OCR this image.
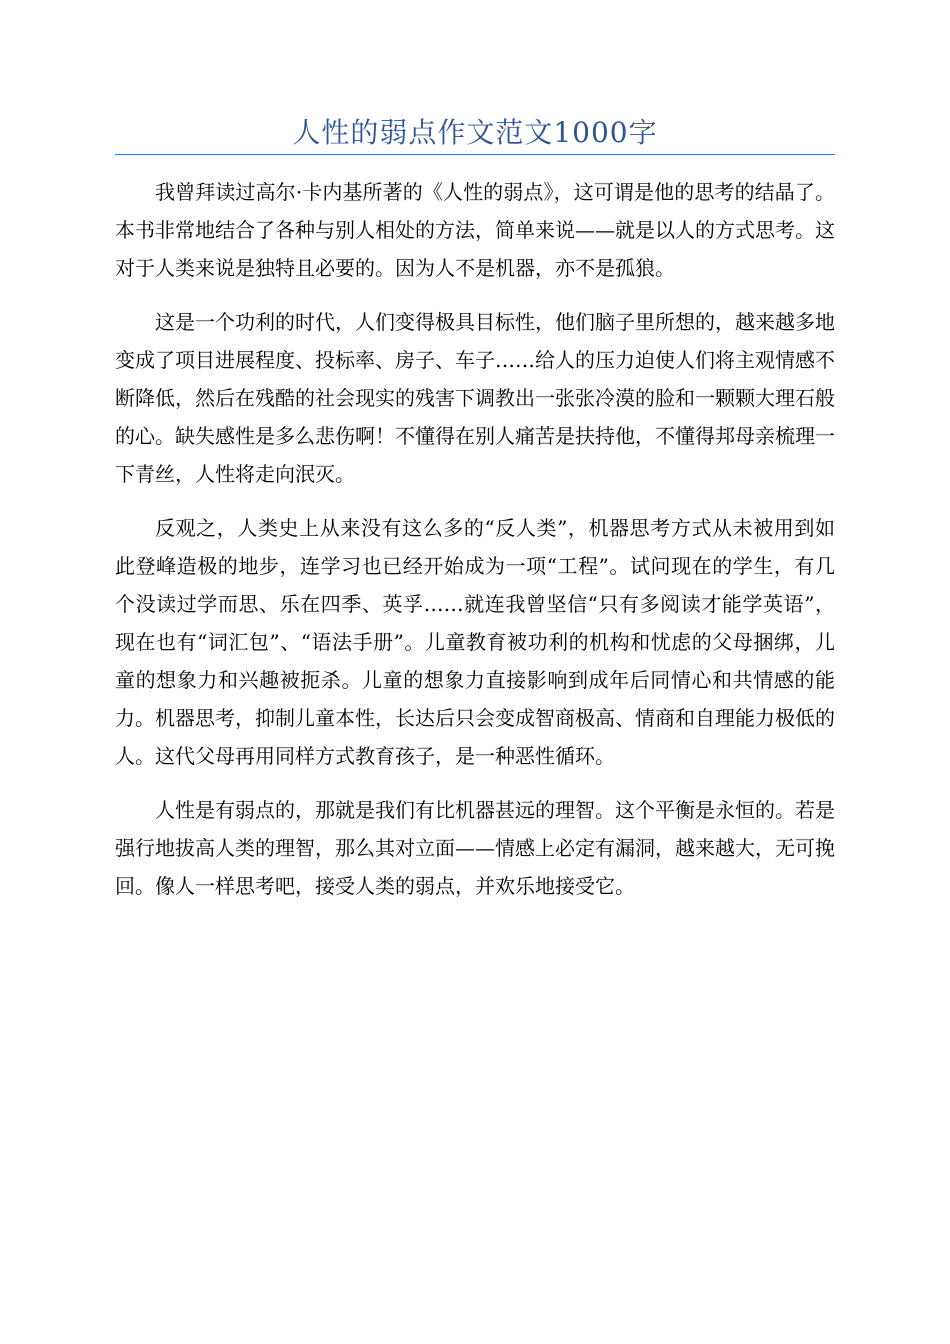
人性的弱点作文范文1000字

我曾拜读过高尔·卡内基所著的《人性的弱点》，这可谓是他的思考的结晶了。本书非常地结合了各种与别人相处的方法，简单来说——就是以人的方式思考。这对于人类来说是独特且必要的。因为人不是机器，亦不是孤狼。

这是一个功利的时代，人们变得极具目标性，他们脑子里所想的，越来越多地变成了项目进展程度、投标率、房子、车子……给人的压力迫使人们将主观情感不断降低，然后在残酷的社会现实的残害下调教出一张张冷漠的脸和一颗颗大理石般的心。缺失感性是多么悲伤啊！不懂得在别人痛苦是扶持他，不懂得邦母亲梳理一下青丝，人性将走向泯灭。

反观之，人类史上从来没有这么多的“反人类”，机器思考方式从未被用到如此登峰造极的地步，连学习也已经开始成为一项“工程”。试问现在的学生，有几个没读过学而思、乐在四季、英孚……就连我曾坚信“只有多阅读才能学英语”，现在也有“词汇包”、“语法手册”。儿童教育被功利的机构和忧虑的父母捆绑，儿童的想象力和兴趣被扼杀。儿童的想象力直接影响到成年后同情心和共情感的能力。机器思考，抑制儿童本性，长达后只会变成智商极高、情商和自理能力极低的人。这代父母再用同样方式教育孩子，是一种恶性循环。

人性是有弱点的，那就是我们有比机器甚远的理智。这个平衡是永恒的。若是强行地拔高人类的理智，那么其对立面——情感上必定有漏洞，越来越大，无可挽回。像人一样思考吧，接受人类的弱点，并欢乐地接受它。
